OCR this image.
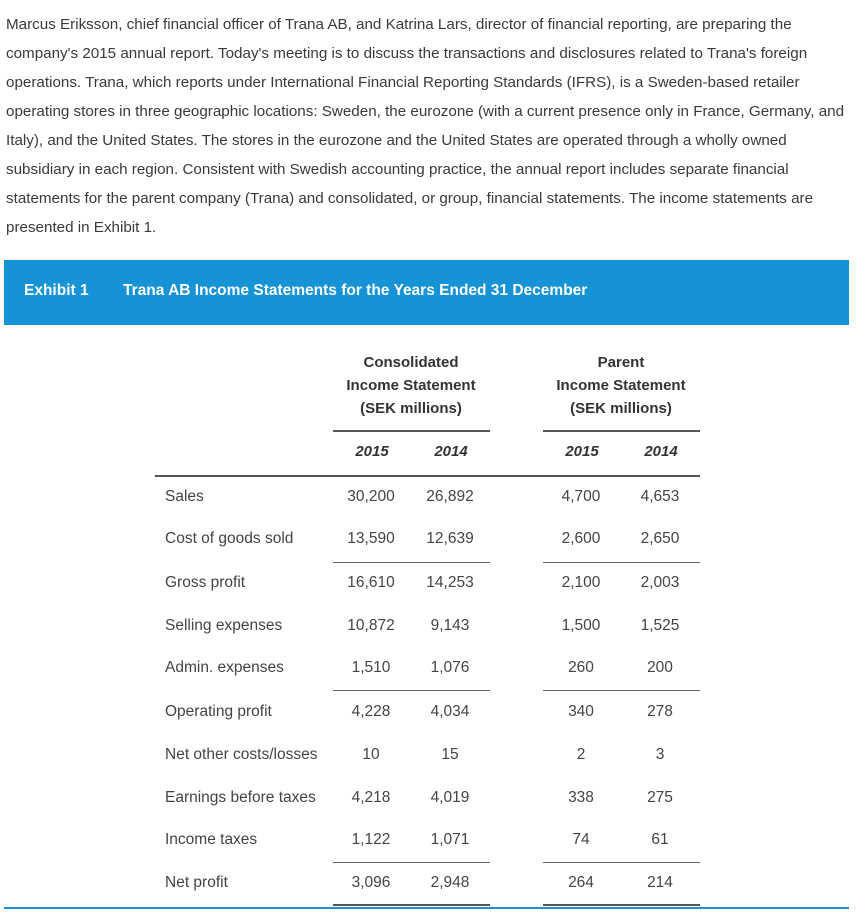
Marcus Eriksson, chief financial officer of Trana AB, and Katrina Lars, director of financial reporting, are preparing the company's 2015 annual report. Today's meeting is to discuss the transactions and disclosures related to Trana's foreign operations. Trana, which reports under International Financial Reporting Standards (IFRS), is a Sweden-based retailer operating stores in three geographic locations: Sweden, the eurozone (with a current presence only in France, Germany, and Italy), and the United States. The stores in the eurozone and the United States are operated through a wholly owned subsidiary in each region. Consistent with Swedish accounting practice, the annual report includes separate financial statements for the parent company (Trana) and consolidated, or group, financial statements. The income statements are presented in Exhibit 1.

Exhibit 1 Trana AB Income Statements for the Years Ended 31 December
Consolidated
Income Statement
(SEK millions)
Parent
Income Statement
(SEK millions)
2015	2014	2015	2014
Sales	30,200	26,892	4,700	4,653
Cost of goods sold	13,590	12,639	2,600	2,650
Gross profit	16,610	14,253	2,100	2,003
Selling expenses	10,872	9,143	1,500	1,525
Admin. expenses	1,510	1,076	260	200
Operating profit	4,228	4,034	340	278
Net other costs/losses	10	15	2	3
Earnings before taxes	4,218	4,019	338	275
Income taxes	1,122	1,071	74	61
Net profit	3,096	2,948	264	214
